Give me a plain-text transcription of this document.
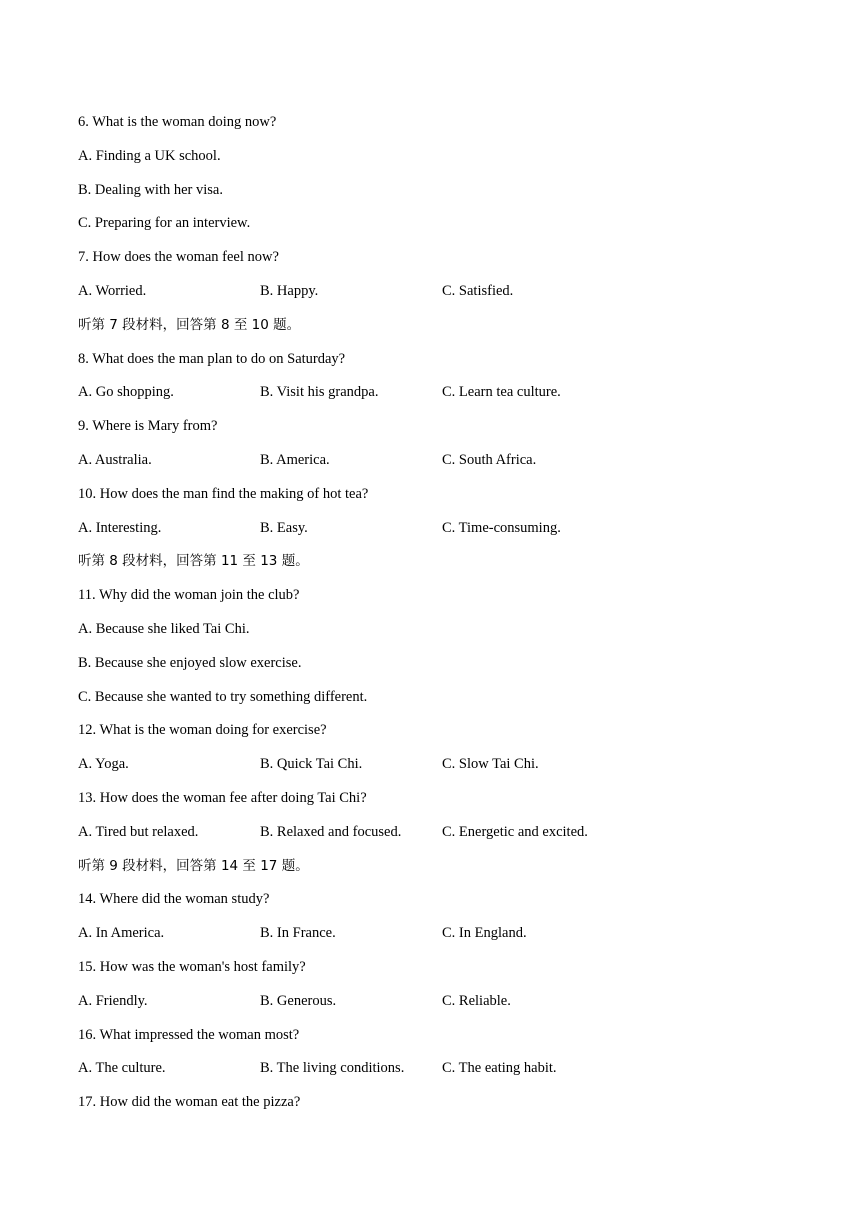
6. What is the woman doing now?
A. Finding a UK school.
B. Dealing with her visa.
C. Preparing for an interview.
7. How does the woman feel now?
A. Worried.	B. Happy.	C. Satisfied.
听第 7 段材料，回答第 8 至 10 题。
8. What does the man plan to do on Saturday?
A. Go shopping.	B. Visit his grandpa.	C. Learn tea culture.
9. Where is Mary from?
A. Australia.	B. America.	C. South Africa.
10. How does the man find the making of hot tea?
A. Interesting.	B. Easy.	C. Time-consuming.
听第 8 段材料，回答第 11 至 13 题。
11. Why did the woman join the club?
A. Because she liked Tai Chi.
B. Because she enjoyed slow exercise.
C. Because she wanted to try something different.
12. What is the woman doing for exercise?
A. Yoga.	B. Quick Tai Chi.	C. Slow Tai Chi.
13. How does the woman fee after doing Tai Chi?
A. Tired but relaxed.	B. Relaxed and focused.	C. Energetic and excited.
听第 9 段材料，回答第 14 至 17 题。
14. Where did the woman study?
A. In America.	B. In France.	C. In England.
15. How was the woman's host family?
A. Friendly.	B. Generous.	C. Reliable.
16. What impressed the woman most?
A. The culture.	B. The living conditions.	C. The eating habit.
17. How did the woman eat the pizza?
